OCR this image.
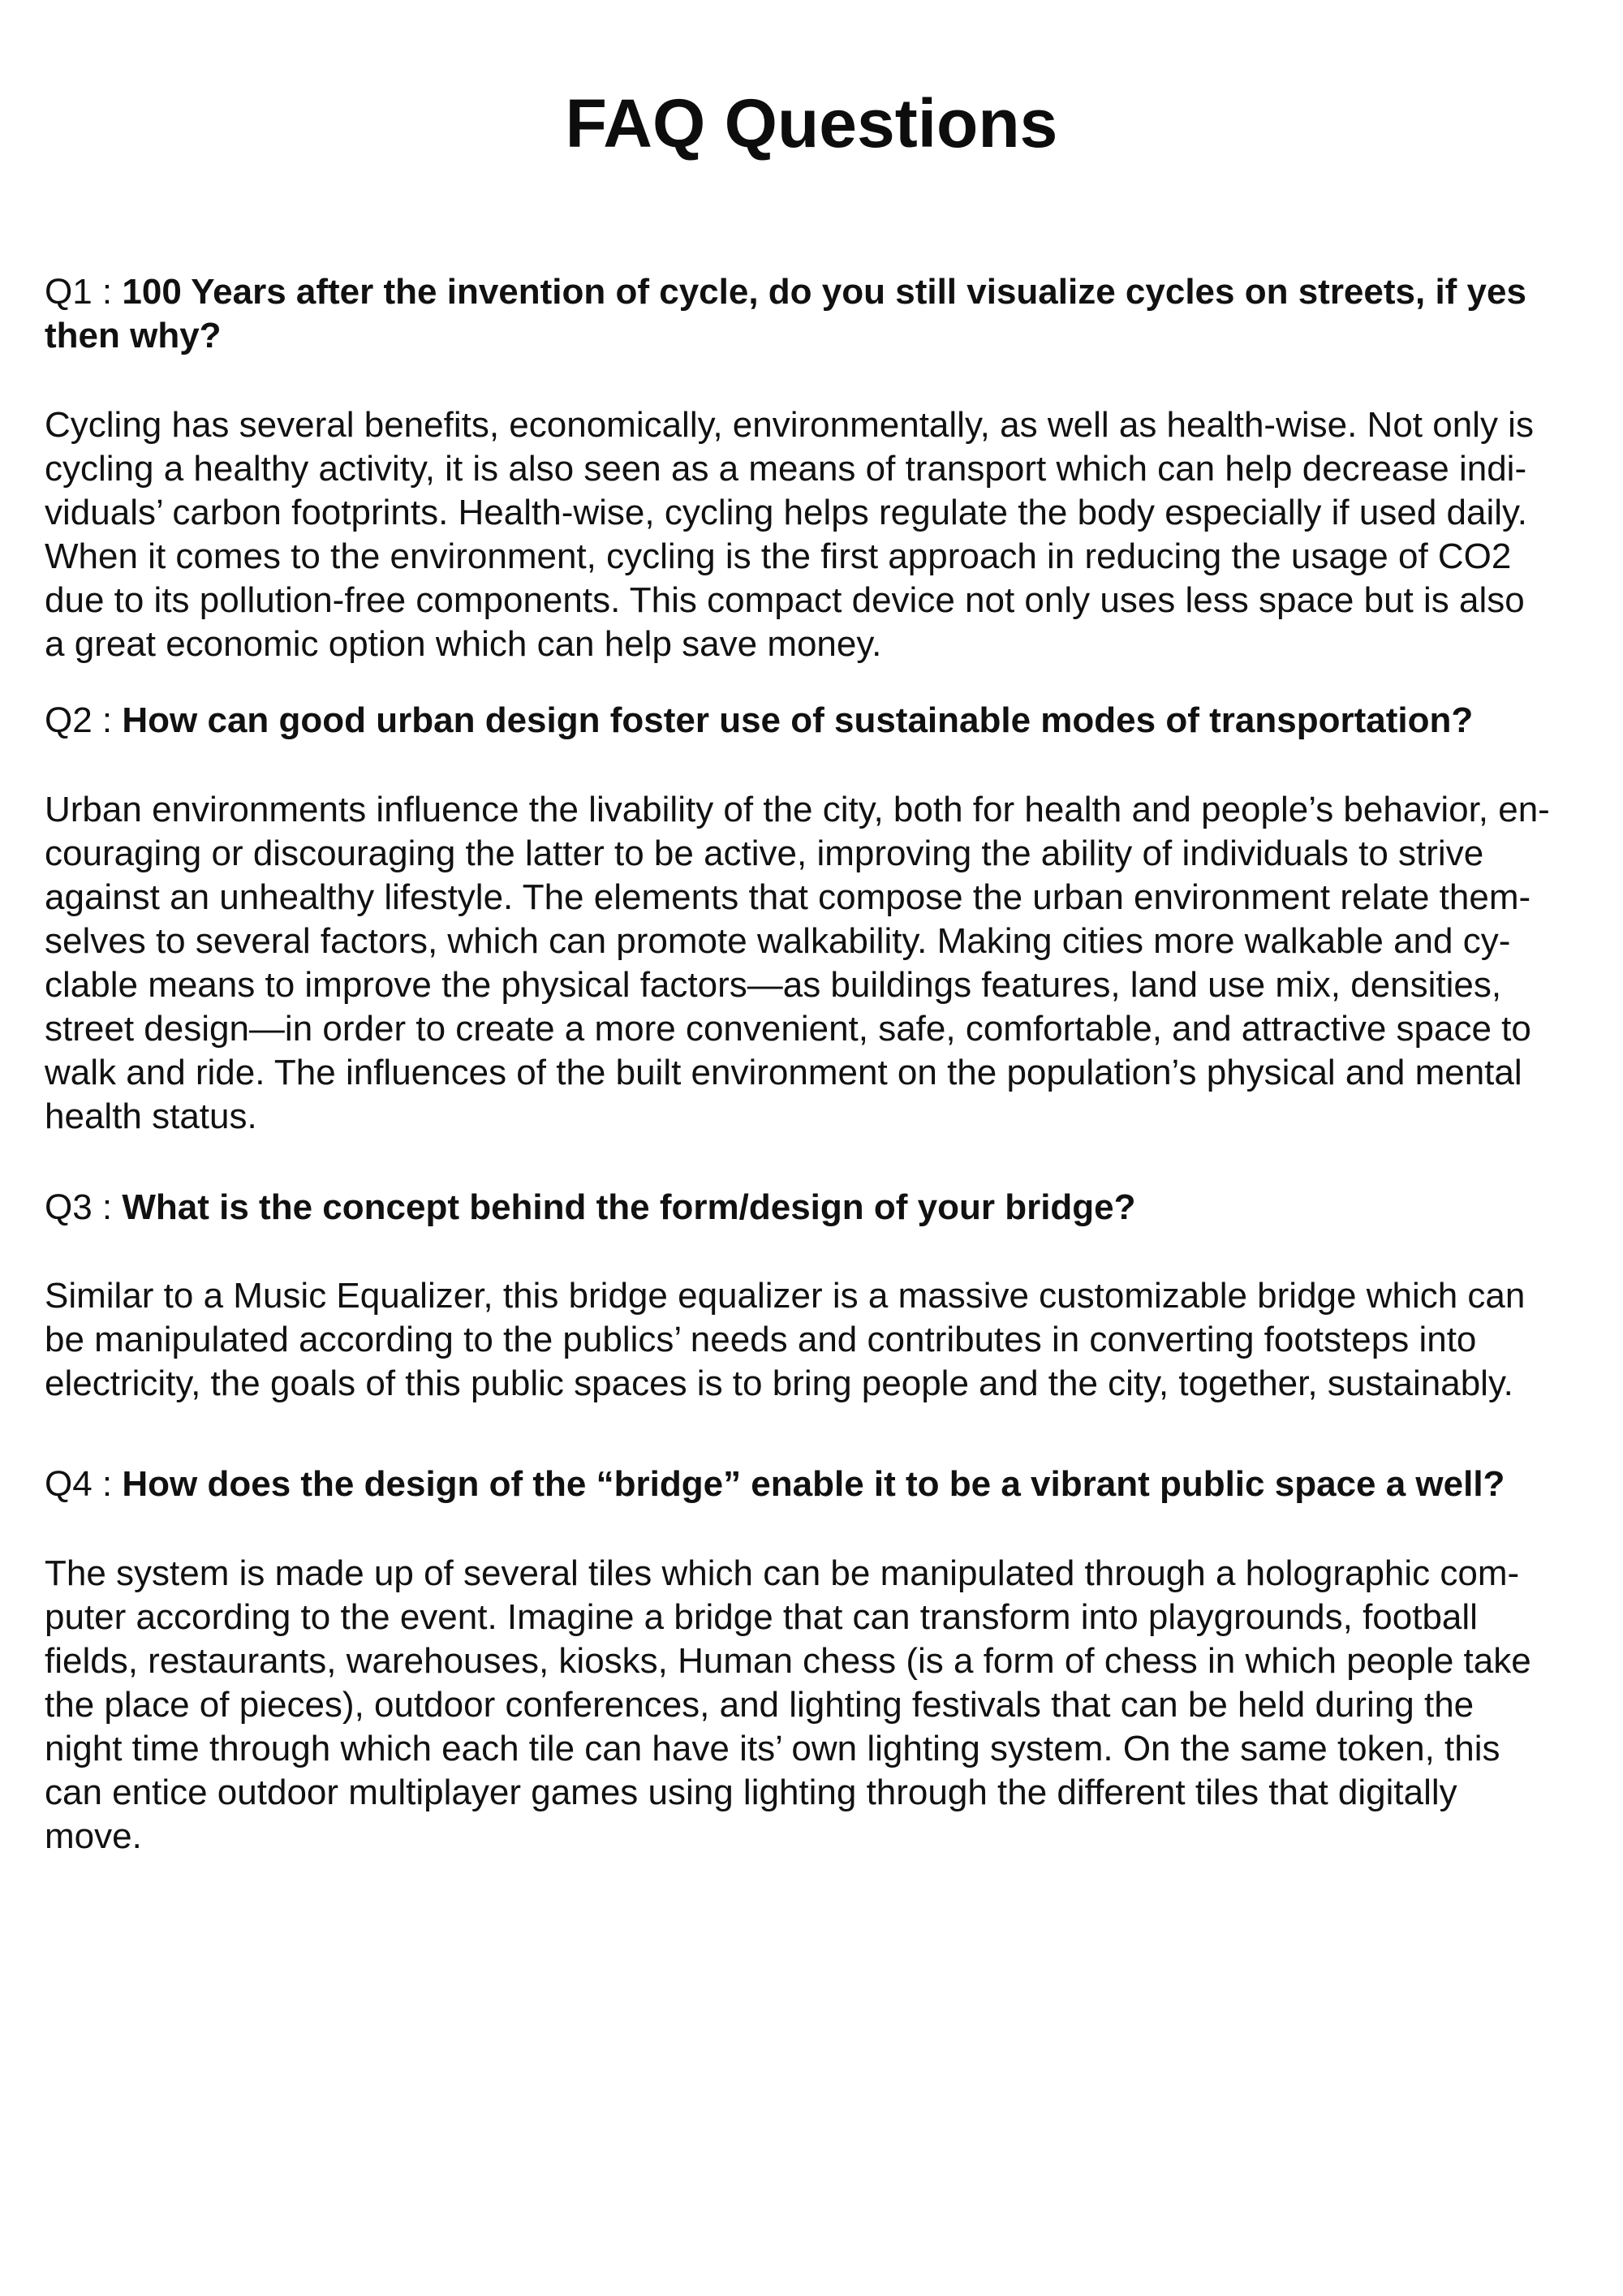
FAQ Questions

Q1 : 100 Years after the invention of cycle, do you still visualize cycles on streets, if yes then why?

Cycling has several benefits, economically, environmentally, as well as health-wise. Not only is
cycling a healthy activity, it is also seen as a means of transport which can help decrease indi-
viduals’ carbon footprints. Health-wise, cycling helps regulate the body especially if used daily.
When it comes to the environment, cycling is the first approach in reducing the usage of CO2
due to its pollution-free components. This compact device not only uses less space but is also
a great economic option which can help save money.

Q2 : How can good urban design foster use of sustainable modes of transportation?

Urban environments influence the livability of the city, both for health and people’s behavior, en-
couraging or discouraging the latter to be active, improving the ability of individuals to strive
against an unhealthy lifestyle. The elements that compose the urban environment relate them-
selves to several factors, which can promote walkability. Making cities more walkable and cy-
clable means to improve the physical factors—as buildings features, land use mix, densities,
street design—in order to create a more convenient, safe, comfortable, and attractive space to
walk and ride. The influences of the built environment on the population’s physical and mental
health status.

Q3 : What is the concept behind the form/design of your bridge?

Similar to a Music Equalizer, this bridge equalizer is a massive customizable bridge which can
be manipulated according to the publics’ needs and contributes in converting footsteps into
electricity, the goals of this public spaces is to bring people and the city, together, sustainably.

Q4 : How does the design of the “bridge” enable it to be a vibrant public space a well?

The system is made up of several tiles which can be manipulated through a holographic com-
puter according to the event. Imagine a bridge that can transform into playgrounds, football
fields, restaurants, warehouses, kiosks, Human chess (is a form of chess in which people take
the place of pieces), outdoor conferences, and lighting festivals that can be held during the
night time through which each tile can have its’ own lighting system. On the same token, this
can entice outdoor multiplayer games using lighting through the different tiles that digitally
move.
